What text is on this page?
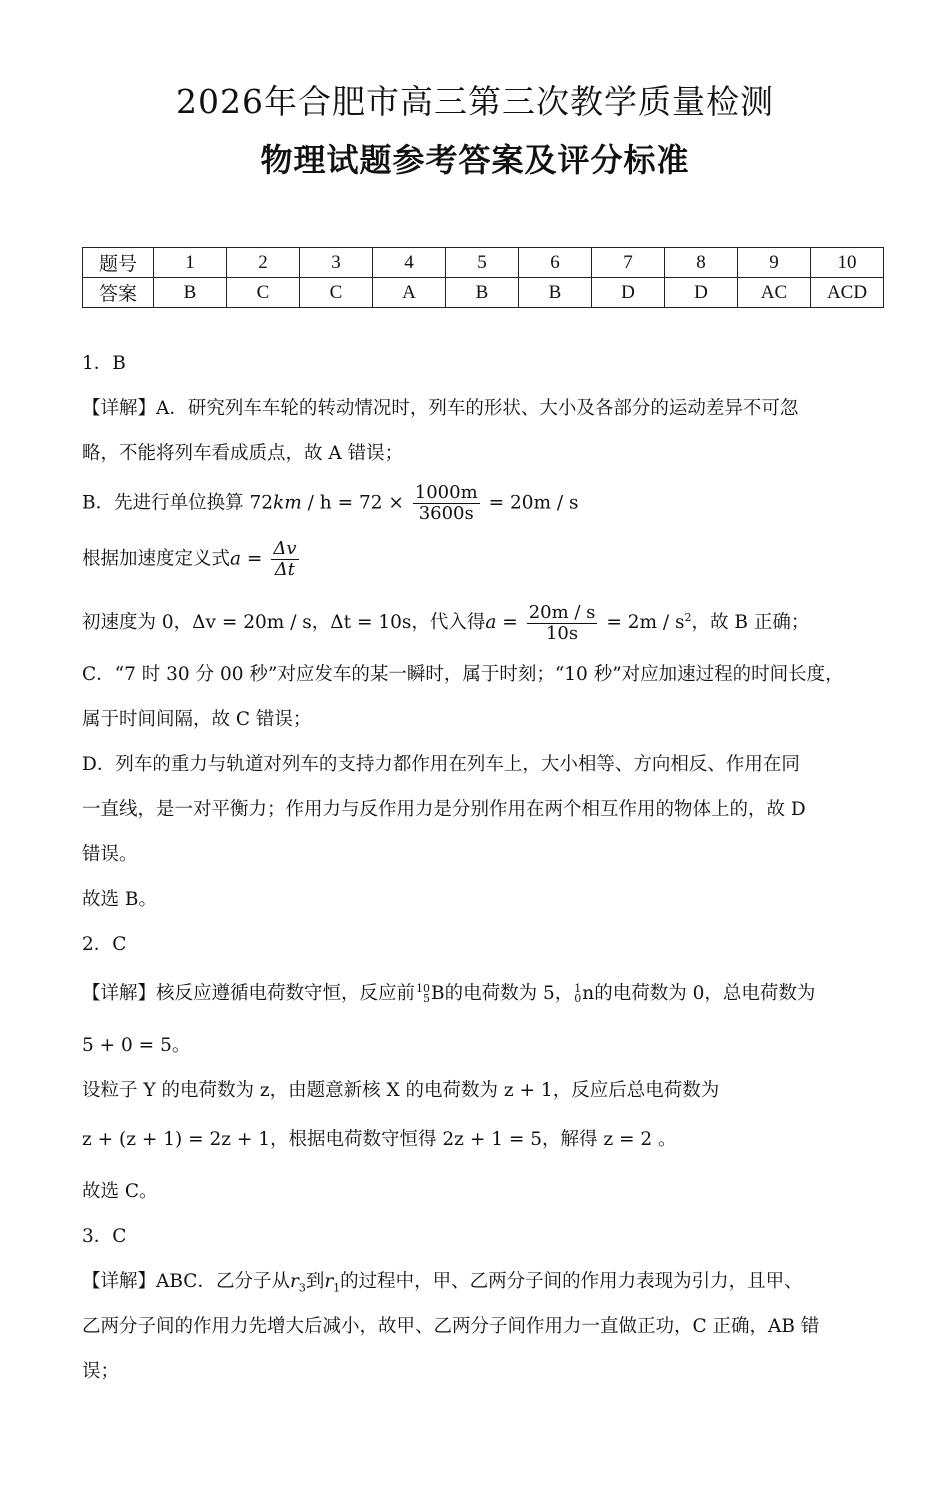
2026年合肥市高三第三次教学质量检测
物理试题参考答案及评分标准
题号	1	2	3	4	5	6	7	8	9	10
答案	B	C	C	A	B	B	D	D	AC	ACD
1．B
【详解】A．研究列车车轮的转动情况时，列车的形状、大小及各部分的运动差异不可忽
略，不能将列车看成质点，故 A 错误；
B．先进行单位换算 $72km / h = 72 \times \frac{1000m}{3600s} = 20m / s$
根据加速度定义式$a = \frac{\Delta v}{\Delta t}$
初速度为 0，Δv = 20m / s，Δt = 10s，代入得$a = \frac{20m / s}{10s} = 2m / s^2$，故 B 正确；
C．“7 时 30 分 00 秒”对应发车的某一瞬时，属于时刻；“10 秒”对应加速过程的时间长度，
属于时间间隔，故 C 错误；
D．列车的重力与轨道对列车的支持力都作用在列车上，大小相等、方向相反、作用在同
一直线，是一对平衡力；作用力与反作用力是分别作用在两个相互作用的物体上的，故 D
错误。
故选 B。
2．C
【详解】核反应遵循电荷数守恒，反应前 10
5 B的电荷数为 5， 1
0 n的电荷数为 0，总电荷数为
5 + 0 = 5。
设粒子 Y 的电荷数为 z，由题意新核 X 的电荷数为 z + 1，反应后总电荷数为
z + (z + 1) = 2z + 1，根据电荷数守恒得 2z + 1 = 5，解得 z = 2 。
故选 C。
3．C
【详解】ABC．乙分子从$r_3$到$r_1$的过程中，甲、乙两分子间的作用力表现为引力，且甲、
乙两分子间的作用力先增大后减小，故甲、乙两分子间作用力一直做正功，C 正确，AB 错
误；
